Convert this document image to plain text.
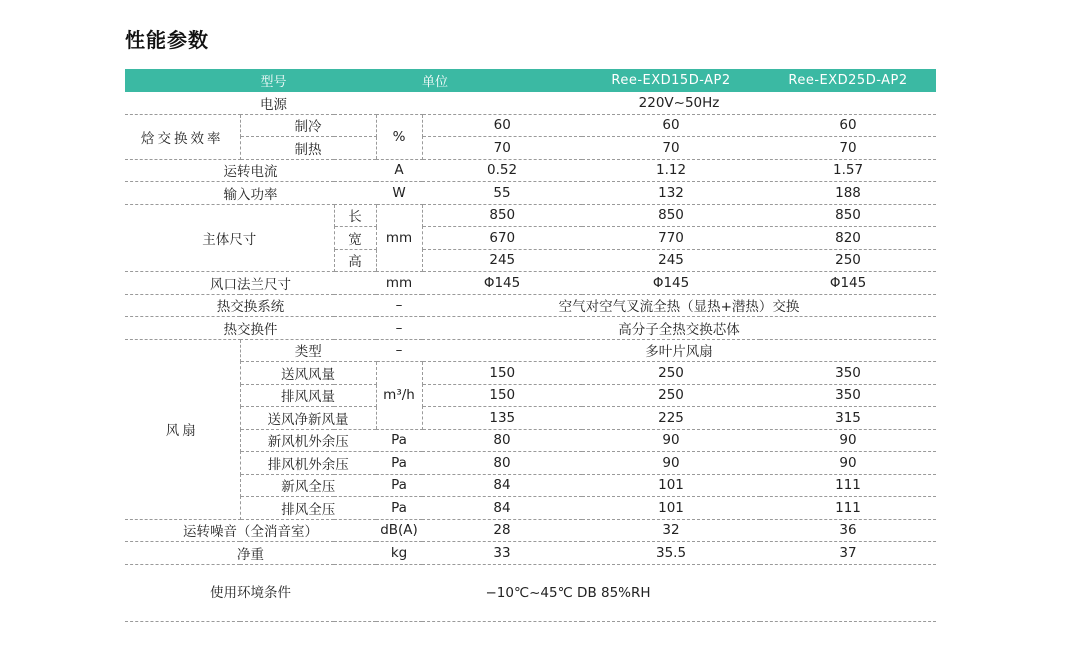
性能参数
型号				单位	Ree-EXD15D-AP2	Ree-EXD25D-AP2
电源				220V~50Hz		
焓交换效率	制冷		%	60	60	60
	制热			70	70	70
运转电流			A	0.52	1.12	1.57
输入功率			W	55	132	188
主体尺寸		长	mm	850	850	850
		宽		670	770	820
		高		245	245	250
风口法兰尺寸			mm	Φ145	Φ145	Φ145
热交换系统			–	空气对空气叉流全热（显热+潜热）交换		
热交换件			–	高分子全热交换芯体		
风扇	类型		–	多叶片风扇		
	送风风量		m³/h	150	250	350
	排风风量			150	250	350
	送风净新风量			135	225	315
	新风机外余压		Pa	80	90	90
	排风机外余压		Pa	80	90	90
	新风全压		Pa	84	101	111
	排风全压		Pa	84	101	111
运转噪音（全消音室）			dB(A)	28	32	36
净重			kg	33	35.5	37
使用环境条件			−10℃~45℃ DB 85%RH			
